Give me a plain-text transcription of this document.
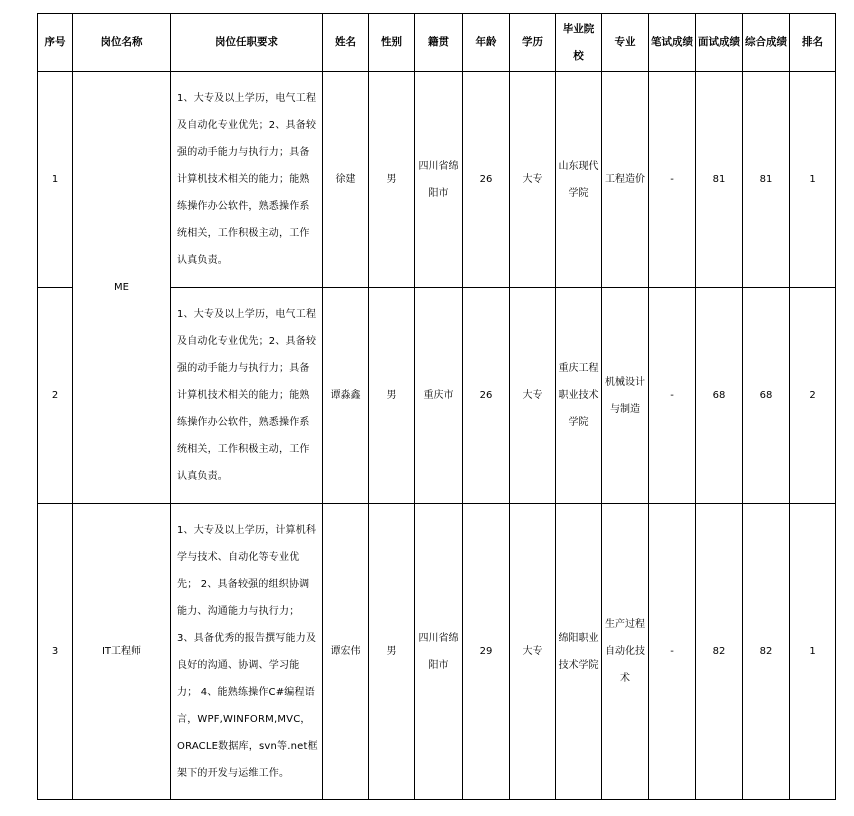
序号	岗位名称	岗位任职要求	姓名	性别	籍贯	年龄	学历	毕业院校	专业	笔试成绩	面试成绩	综合成绩	排名
1	ME	1、大专及以上学历，电气工程及自动化专业优先；2、具备较强的动手能力与执行力；具备计算机技术相关的能力；能熟练操作办公软件，熟悉操作系统相关，工作积极主动，工作认真负责。	徐建	男	四川省绵阳市	26	大专	山东现代学院	工程造价	-	81	81	1
2		1、大专及以上学历，电气工程及自动化专业优先；2、具备较强的动手能力与执行力；具备计算机技术相关的能力；能熟练操作办公软件，熟悉操作系统相关，工作积极主动，工作认真负责。	谭淼鑫	男	重庆市	26	大专	重庆工程职业技术学院	机械设计与制造	-	68	68	2
3	IT工程师	1、大专及以上学历，计算机科学与技术、自动化等专业优先； 2、具备较强的组织协调能力、沟通能力与执行力； 3、具备优秀的报告撰写能力及良好的沟通、协调、学习能力； 4、能熟练操作C#编程语言，WPF,WINFORM,MVC，ORACLE数据库，svn等.net框架下的开发与运维工作。	谭宏伟	男	四川省绵阳市	29	大专	绵阳职业技术学院	生产过程自动化技术	-	82	82	1
